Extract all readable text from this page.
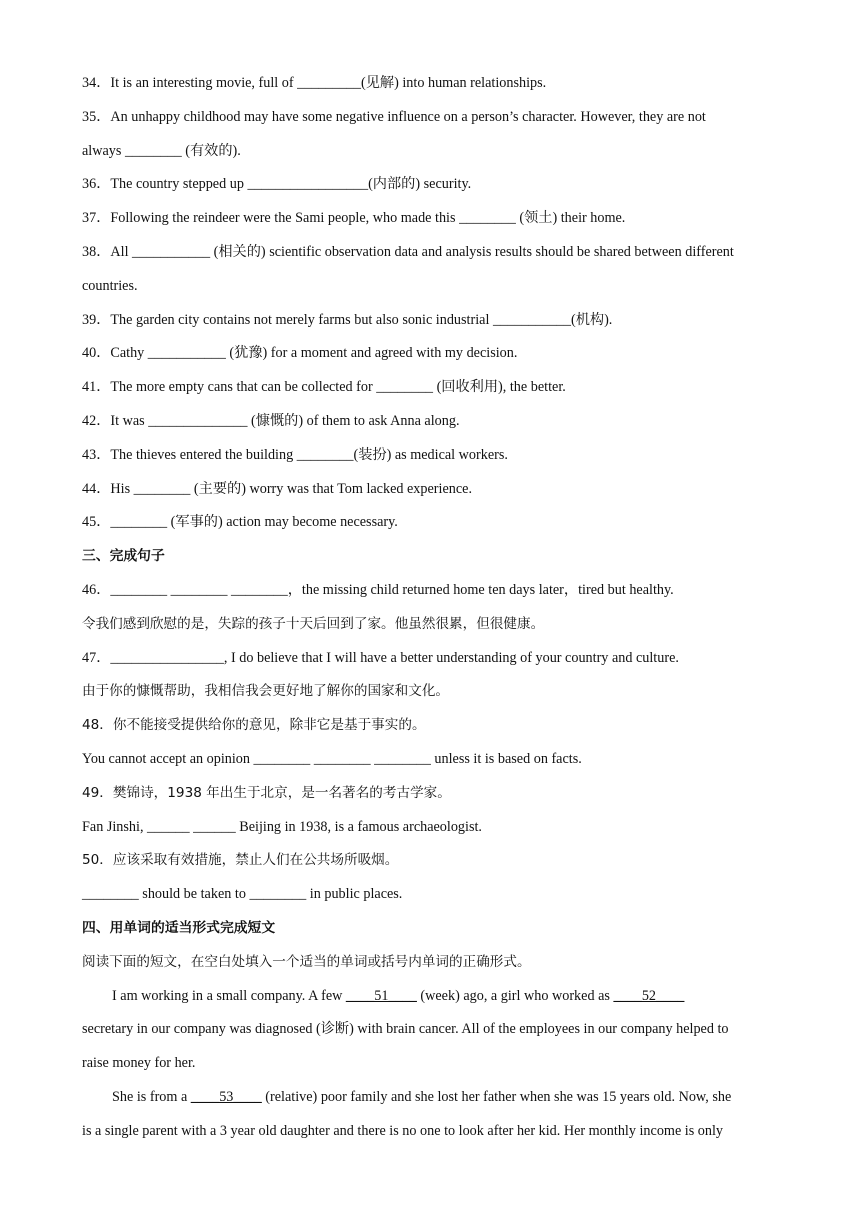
34．It is an interesting movie, full of _________(见解) into human relationships.
35．An unhappy childhood may have some negative influence on a person’s character. However, they are not
always ________ (有效的).
36．The country stepped up _________________(内部的) security.
37．Following the reindeer were the Sami people, who made this ________ (领土) their home.
38．All ___________ (相关的) scientific observation data and analysis results should be shared between different
countries.
39．The garden city contains not merely farms but also sonic industrial ___________(机构).
40．Cathy ___________ (犹豫) for a moment and agreed with my decision.
41．The more empty cans that can be collected for ________ (回收利用), the better.
42．It was ______________ (慷慨的) of them to ask Anna along.
43．The thieves entered the building ________(装扮) as medical workers.
44．His ________ (主要的) worry was that Tom lacked experience.
45．________ (军事的) action may become necessary.
三、完成句子
46．________ ________ ________，the missing child returned home ten days later，tired but healthy.
令我们感到欣慰的是，失踪的孩子十天后回到了家。他虽然很累，但很健康。
47．________________, I do believe that I will have a better understanding of your country and culture.
由于你的慷慨帮助，我相信我会更好地了解你的国家和文化。
48．你不能接受提供给你的意见，除非它是基于事实的。
You cannot accept an opinion ________ ________ ________ unless it is based on facts.
49．樊锦诗，1938 年出生于北京，是一名著名的考古学家。
Fan Jinshi, ______ ______ Beijing in 1938, is a famous archaeologist.
50．应该采取有效措施，禁止人们在公共场所吸烟。
________ should be taken to ________ in public places.
四、用单词的适当形式完成短文
阅读下面的短文，在空白处填入一个适当的单词或括号内单词的正确形式。
I am working in a small company. A few ____51____ (week) ago, a girl who worked as ____52____
secretary in our company was diagnosed (诊断) with brain cancer. All of the employees in our company helped to
raise money for her.
She is from a ____53____ (relative) poor family and she lost her father when she was 15 years old. Now, she
is a single parent with a 3 year old daughter and there is no one to look after her kid. Her monthly income is only
